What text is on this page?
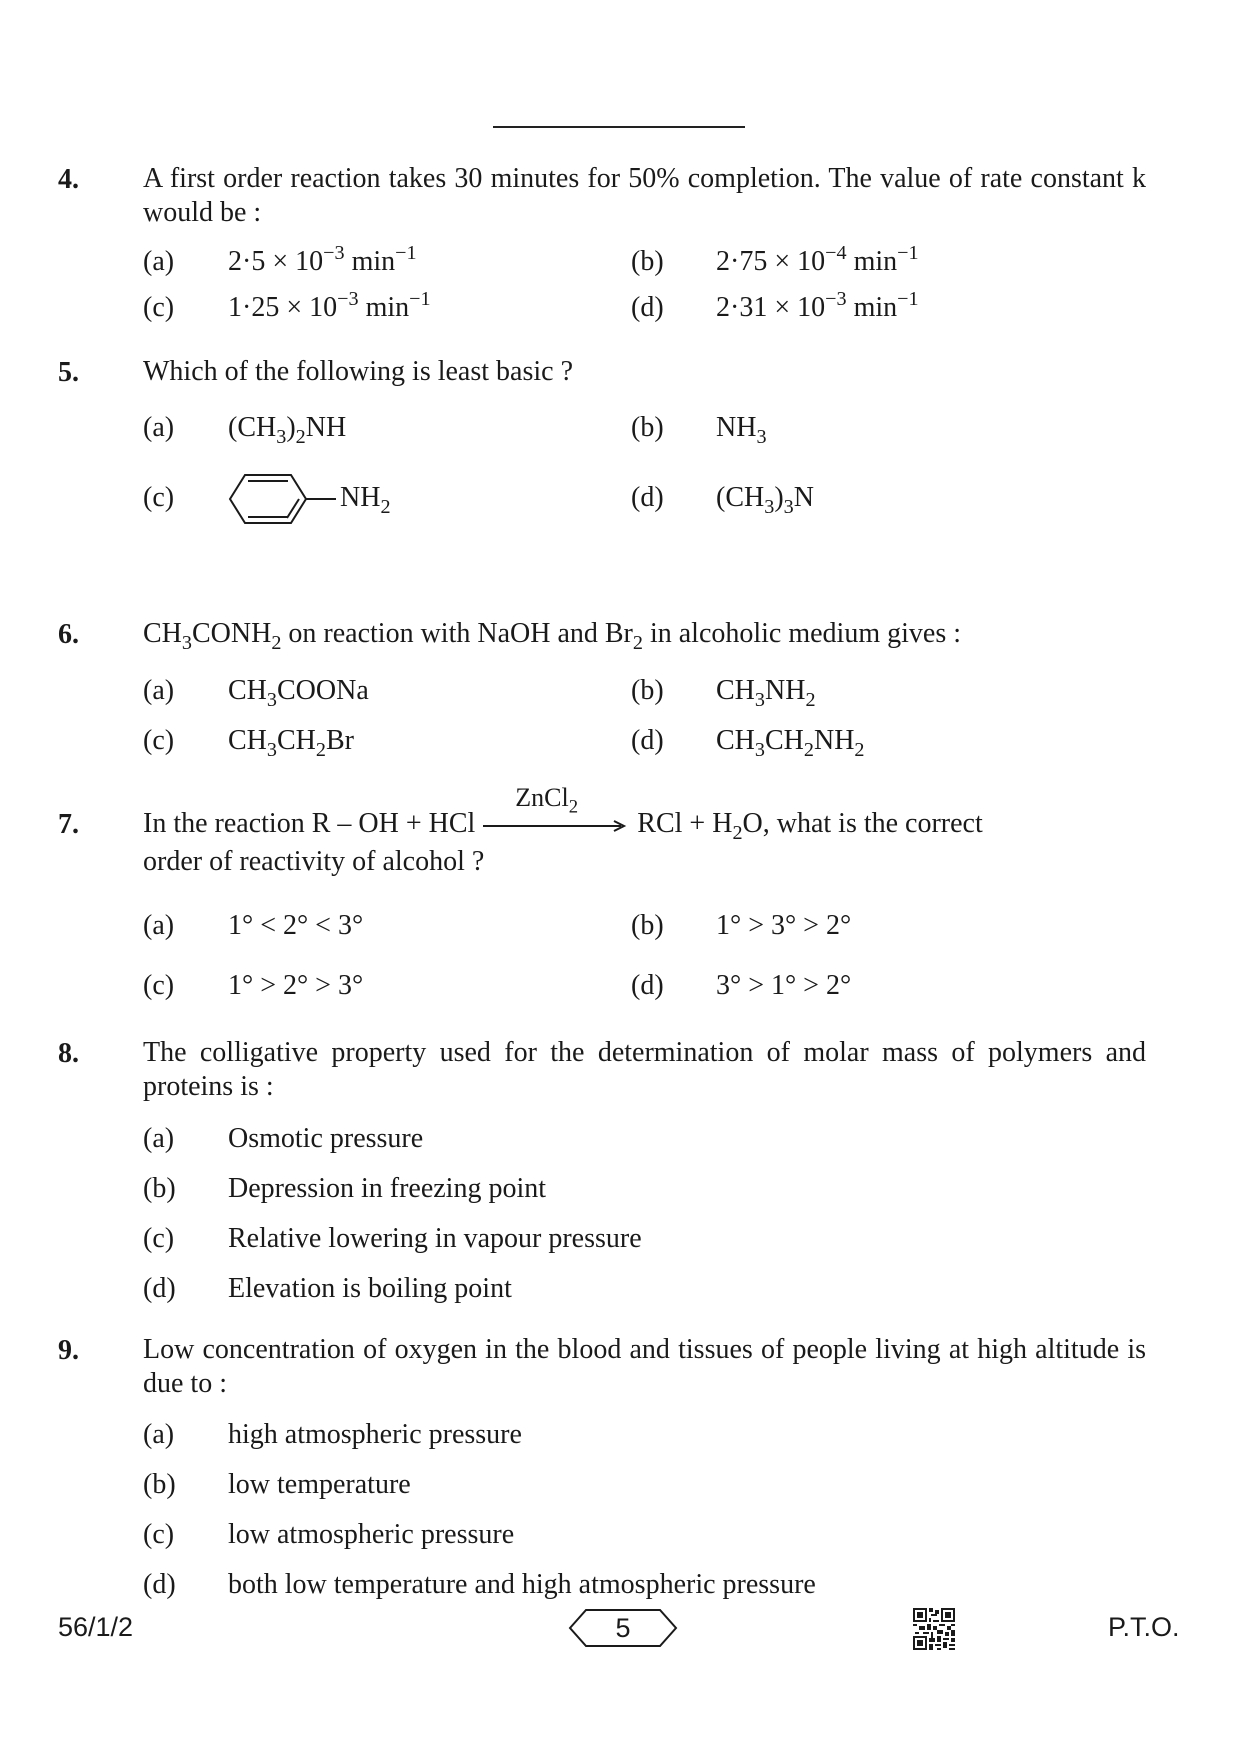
4. A first order reaction takes 30 minutes for 50% completion. The value of rate constant k would be :
(a) $2\cdot 5 \times 10^{-3}$ $\min^{-1}$	(b) $2\cdot 75 \times 10^{-4}$ $\min^{-1}$
(c) $1\cdot 25 \times 10^{-3}$ $\min^{-1}$	(d) $2\cdot 31 \times 10^{-3}$ $\min^{-1}$
5. Which of the following is least basic ?
(a) $(CH_3)_2NH$	(b) $NH_3$
(c)	$NH_2$	(d) $(CH_3)_3N$
6. $CH_3CONH_2$ on reaction with NaOH and $Br_2$ in alcoholic medium gives :
(a) $CH_3COONa$	(b) $CH_3NH_2$
(c) $CH_3CH_2Br$	(d) $CH_3CH_2NH_2$
7. In the reaction R – OH + HCl
ZnCl$_2$
RCl + $H_2O$, what is the correct
order of reactivity of alcohol ?
(a) 1° < 2° < 3°	(b) 1° > 3° > 2°
(c) 1° > 2° > 3°	(d) 3° > 1° > 2°
8. The colligative property used for the determination of molar mass of polymers and proteins is :
(a) Osmotic pressure
(b) Depression in freezing point
(c) Relative lowering in vapour pressure
(d) Elevation is boiling point
9. Low concentration of oxygen in the blood and tissues of people living at high altitude is due to :
(a) high atmospheric pressure
(b) low temperature
(c) low atmospheric pressure
(d) both low temperature and high atmospheric pressure
56/1/2	5	P.T.O.
